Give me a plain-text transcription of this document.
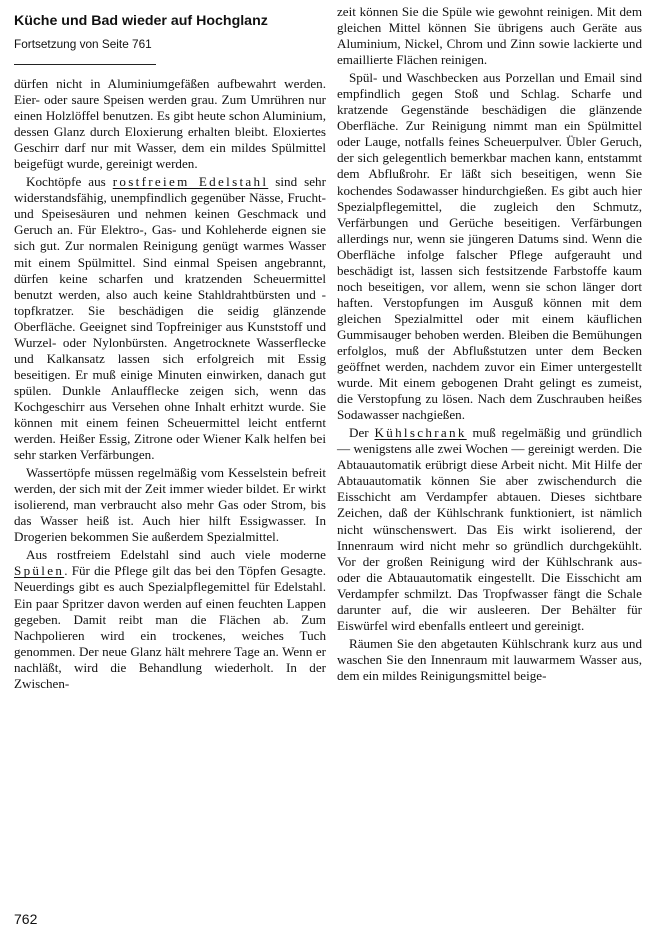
Küche und Bad wieder auf Hochglanz
Fortsetzung von Seite 761

dürfen nicht in Aluminiumgefäßen aufbewahrt werden. Eier- oder saure Speisen werden grau. Zum Umrühren nur einen Holzlöffel benutzen. Es gibt heute schon Aluminium, dessen Glanz durch Eloxierung erhalten bleibt. Eloxiertes Geschirr darf nur mit Wasser, dem ein mildes Spülmittel beigefügt wurde, gereinigt werden.

Kochtöpfe aus rostfreiem Edelstahl sind sehr widerstandsfähig, unempfindlich gegenüber Nässe, Frucht- und Speisesäuren und nehmen keinen Geschmack und Geruch an. Für Elektro-, Gas- und Kohleherde eignen sie sich gut. Zur normalen Reinigung genügt warmes Wasser mit einem Spülmittel. Sind einmal Speisen angebrannt, dürfen keine scharfen und kratzenden Scheuermittel benutzt werden, also auch keine Stahldrahtbürsten und -topfkratzer. Sie beschädigen die seidig glänzende Oberfläche. Geeignet sind Topfreiniger aus Kunststoff und Wurzel- oder Nylonbürsten. Angetrocknete Wasserflecke und Kalkansatz lassen sich erfolgreich mit Essig beseitigen. Er muß einige Minuten einwirken, danach gut spülen. Dunkle Anlaufflecke zeigen sich, wenn das Kochgeschirr aus Versehen ohne Inhalt erhitzt wurde. Sie können mit einem feinen Scheuermittel leicht entfernt werden. Heißer Essig, Zitrone oder Wiener Kalk helfen bei sehr starken Verfärbungen.

Wassertöpfe müssen regelmäßig vom Kesselstein befreit werden, der sich mit der Zeit immer wieder bildet. Er wirkt isolierend, man verbraucht also mehr Gas oder Strom, bis das Wasser heiß ist. Auch hier hilft Essigwasser. In Drogerien bekommen Sie außerdem Spezialmittel.

Aus rostfreiem Edelstahl sind auch viele moderne Spülen. Für die Pflege gilt das bei den Töpfen Gesagte. Neuerdings gibt es auch Spezialpflegemittel für Edelstahl. Ein paar Spritzer davon werden auf einen feuchten Lappen gegeben. Damit reibt man die Flächen ab. Zum Nachpolieren wird ein trockenes, weiches Tuch genommen. Der neue Glanz hält mehrere Tage an. Wenn er nachläßt, wird die Behandlung wiederholt. In der Zwischen-

zeit können Sie die Spüle wie gewohnt reinigen. Mit dem gleichen Mittel können Sie übrigens auch Geräte aus Aluminium, Nickel, Chrom und Zinn sowie lackierte und emaillierte Flächen reinigen.

Spül- und Waschbecken aus Porzellan und Email sind empfindlich gegen Stoß und Schlag. Scharfe und kratzende Gegenstände beschädigen die glänzende Oberfläche. Zur Reinigung nimmt man ein Spülmittel oder Lauge, notfalls feines Scheuerpulver. Übler Geruch, der sich gelegentlich bemerkbar machen kann, entstammt dem Abflußrohr. Er läßt sich beseitigen, wenn Sie kochendes Sodawasser hindurchgießen. Es gibt auch hier Spezialpflegemittel, die zugleich den Schmutz, Verfärbungen und Gerüche beseitigen. Verfärbungen allerdings nur, wenn sie jüngeren Datums sind. Wenn die Oberfläche infolge falscher Pflege aufgerauht und beschädigt ist, lassen sich festsitzende Farbstoffe kaum noch beseitigen, vor allem, wenn sie schon länger dort haften. Verstopfungen im Ausguß können mit dem gleichen Spezialmittel oder mit einem käuflichen Gummisauger behoben werden. Bleiben die Bemühungen erfolglos, muß der Abflußstutzen unter dem Becken geöffnet werden, nachdem zuvor ein Eimer untergestellt wurde. Mit einem gebogenen Draht gelingt es zumeist, die Verstopfung zu lösen. Nach dem Zuschrauben heißes Sodawasser nachgießen.

Der Kühlschrank muß regelmäßig und gründlich — wenigstens alle zwei Wochen — gereinigt werden. Die Abtauautomatik erübrigt diese Arbeit nicht. Mit Hilfe der Abtauautomatik können Sie aber zwischendurch die Eisschicht am Verdampfer abtauen. Dieses sichtbare Zeichen, daß der Kühlschrank funktioniert, ist nämlich nicht wünschenswert. Das Eis wirkt isolierend, der Innenraum wird nicht mehr so gründlich durchgekühlt. Vor der großen Reinigung wird der Kühlschrank aus- oder die Abtauautomatik eingestellt. Die Eisschicht am Verdampfer schmilzt. Das Tropfwasser fängt die Schale darunter auf, die wir ausleeren. Der Behälter für Eiswürfel wird ebenfalls entleert und gereinigt.

Räumen Sie den abgetauten Kühlschrank kurz aus und waschen Sie den Innenraum mit lauwarmem Wasser aus, dem ein mildes Reinigungsmittel beige-

762
